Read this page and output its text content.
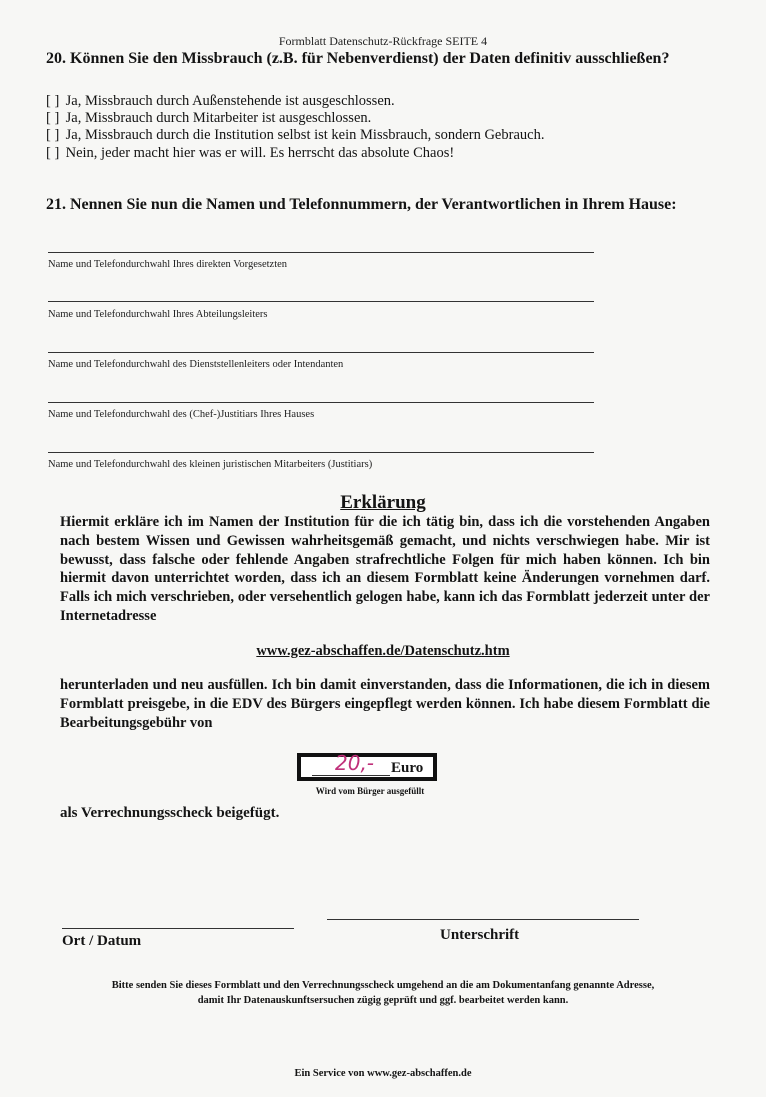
Formblatt Datenschutz-Rückfrage SEITE 4
20. Können Sie den Missbrauch (z.B. für Nebenverdienst) der Daten definitiv ausschließen?
[ ] Ja, Missbrauch durch Außenstehende ist ausgeschlossen.
[ ] Ja, Missbrauch durch Mitarbeiter ist ausgeschlossen.
[ ] Ja, Missbrauch durch die Institution selbst ist kein Missbrauch, sondern Gebrauch.
[ ] Nein, jeder macht hier was er will. Es herrscht das absolute Chaos!
21. Nennen Sie nun die Namen und Telefonnummern, der Verantwortlichen in Ihrem Hause:
Name und Telefondurchwahl Ihres direkten Vorgesetzten
Name und Telefondurchwahl Ihres Abteilungsleiters
Name und Telefondurchwahl des Dienststellenleiters oder Intendanten
Name und Telefondurchwahl des (Chef-)Justitiars Ihres Hauses
Name und Telefondurchwahl des kleinen juristischen Mitarbeiters (Justitiars)
Erklärung
Hiermit erkläre ich im Namen der Institution für die ich tätig bin, dass ich die vorstehenden Angaben nach bestem Wissen und Gewissen wahrheitsgemäß gemacht, und nichts verschwiegen habe. Mir ist bewusst, dass falsche oder fehlende Angaben strafrechtliche Folgen für mich haben können. Ich bin hiermit davon unterrichtet worden, dass ich an diesem Formblatt keine Änderungen vornehmen darf. Falls ich mich verschrieben, oder versehentlich gelogen habe, kann ich das Formblatt jederzeit unter der Internetadresse
www.gez-abschaffen.de/Datenschutz.htm
herunterladen und neu ausfüllen. Ich bin damit einverstanden, dass die Informationen, die ich in diesem Formblatt preisgebe, in die EDV des Bürgers eingepflegt werden können. Ich habe diesem Formblatt die Bearbeitungsgebühr von
20,- Euro
Wird vom Bürger ausgefüllt
als Verrechnungsscheck beigefügt.
Ort / Datum	Unterschrift
Bitte senden Sie dieses Formblatt und den Verrechnungsscheck umgehend an die am Dokumentanfang genannte Adresse,
damit Ihr Datenauskunftsersuchen zügig geprüft und ggf. bearbeitet werden kann.
Ein Service von www.gez-abschaffen.de
